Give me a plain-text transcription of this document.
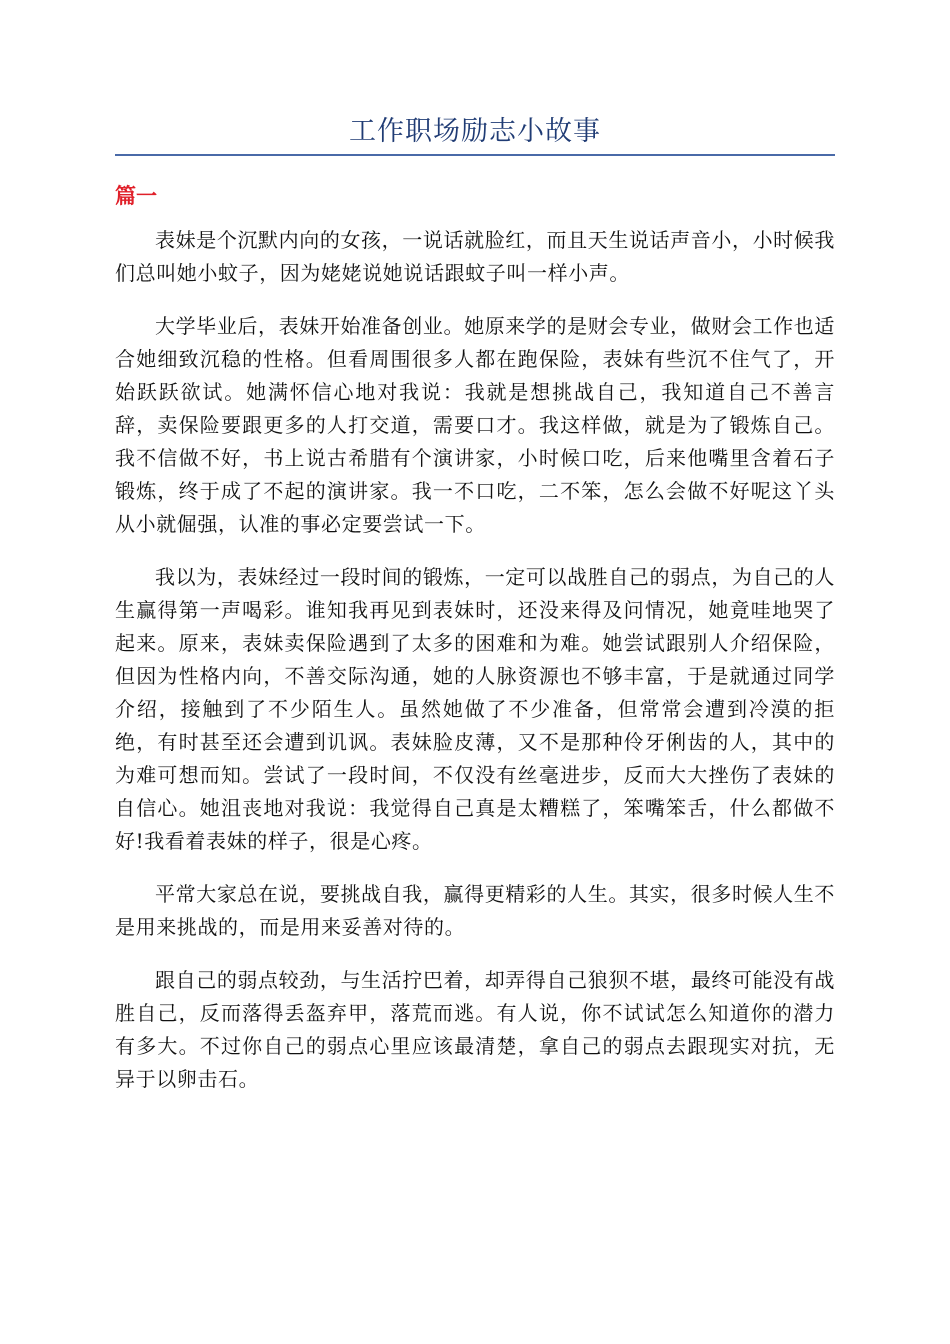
工作职场励志小故事
篇一

表妹是个沉默内向的女孩，一说话就脸红，而且天生说话声音小，小时候我们总叫她小蚊子，因为姥姥说她说话跟蚊子叫一样小声。

大学毕业后，表妹开始准备创业。她原来学的是财会专业，做财会工作也适合她细致沉稳的性格。但看周围很多人都在跑保险，表妹有些沉不住气了，开始跃跃欲试。她满怀信心地对我说：我就是想挑战自己，我知道自己不善言辞，卖保险要跟更多的人打交道，需要口才。我这样做，就是为了锻炼自己。我不信做不好，书上说古希腊有个演讲家，小时候口吃，后来他嘴里含着石子锻炼，终于成了不起的演讲家。我一不口吃，二不笨，怎么会做不好呢这丫头从小就倔强，认准的事必定要尝试一下。

我以为，表妹经过一段时间的锻炼，一定可以战胜自己的弱点，为自己的人生赢得第一声喝彩。谁知我再见到表妹时，还没来得及问情况，她竟哇地哭了起来。原来，表妹卖保险遇到了太多的困难和为难。她尝试跟别人介绍保险，但因为性格内向，不善交际沟通，她的人脉资源也不够丰富，于是就通过同学介绍，接触到了不少陌生人。虽然她做了不少准备，但常常会遭到冷漠的拒绝，有时甚至还会遭到讥讽。表妹脸皮薄，又不是那种伶牙俐齿的人，其中的为难可想而知。尝试了一段时间，不仅没有丝毫进步，反而大大挫伤了表妹的自信心。她沮丧地对我说：我觉得自己真是太糟糕了，笨嘴笨舌，什么都做不好!我看着表妹的样子，很是心疼。

平常大家总在说，要挑战自我，赢得更精彩的人生。其实，很多时候人生不是用来挑战的，而是用来妥善对待的。

跟自己的弱点较劲，与生活拧巴着，却弄得自己狼狈不堪，最终可能没有战胜自己，反而落得丢盔弃甲，落荒而逃。有人说，你不试试怎么知道你的潜力有多大。不过你自己的弱点心里应该最清楚，拿自己的弱点去跟现实对抗，无异于以卵击石。
